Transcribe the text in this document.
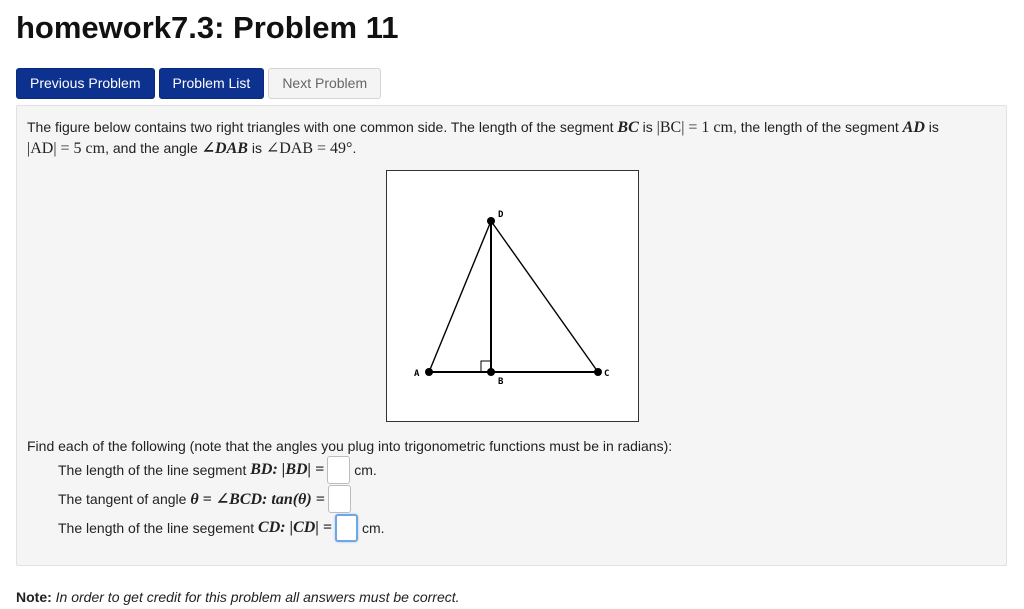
homework7.3: Problem 11
Previous Problem	Problem List	Next Problem
The figure below contains two right triangles with one common side. The length of the segment BC is |BC| = 1 cm, the length of the segment AD is
|AD| = 5 cm, and the angle ∠DAB is ∠DAB = 49°.
A
B
C
D
Find each of the following (note that the angles you plug into trigonometric functions must be in radians):
The length of the line segment
BD: |BD| = cm.
The tangent of angle
θ = ∠BCD: tan(θ) =
The length of the line segement
CD: |CD| = cm.

Note: In order to get credit for this problem all answers must be correct.
